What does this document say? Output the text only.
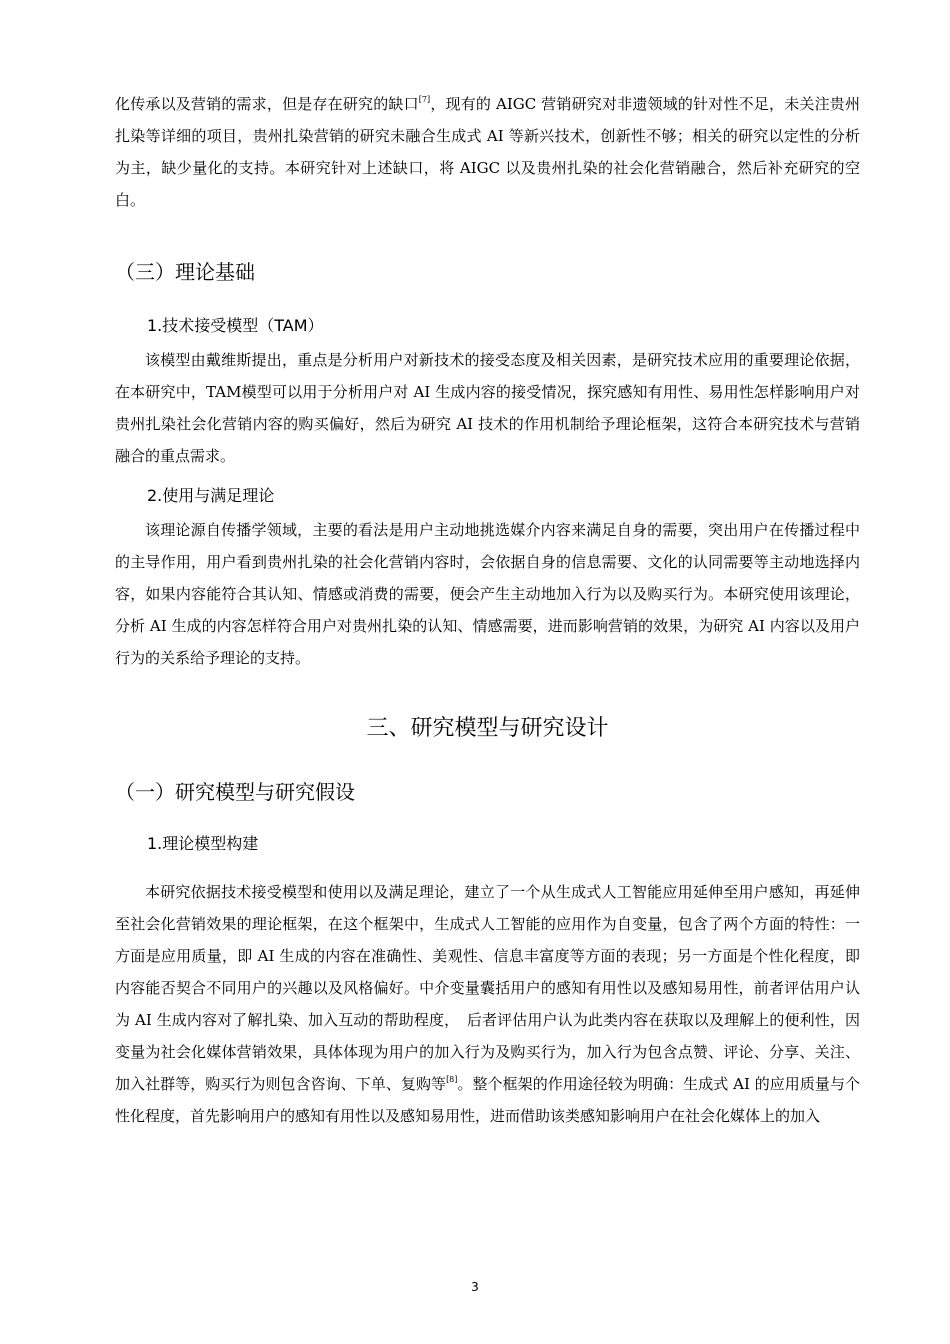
化传承以及营销的需求，但是存在研究的缺口[7]，现有的 AIGC 营销研究对非遗领域的针对性不足，未关注贵州扎染等详细的项目，贵州扎染营销的研究未融合生成式 AI 等新兴技术，创新性不够；相关的研究以定性的分析为主，缺少量化的支持。本研究针对上述缺口，将 AIGC 以及贵州扎染的社会化营销融合，然后补充研究的空白。

（三）理论基础
1.技术接受模型（TAM）

该模型由戴维斯提出，重点是分析用户对新技术的接受态度及相关因素，是研究技术应用的重要理论依据，在本研究中，TAM模型可以用于分析用户对 AI 生成内容的接受情况，探究感知有用性、易用性怎样影响用户对贵州扎染社会化营销内容的购买偏好，然后为研究 AI 技术的作用机制给予理论框架，这符合本研究技术与营销融合的重点需求。

2.使用与满足理论

该理论源自传播学领域，主要的看法是用户主动地挑选媒介内容来满足自身的需要，突出用户在传播过程中的主导作用，用户看到贵州扎染的社会化营销内容时，会依据自身的信息需要、文化的认同需要等主动地选择内容，如果内容能符合其认知、情感或消费的需要，便会产生主动地加入行为以及购买行为。本研究使用该理论，分析 AI 生成的内容怎样符合用户对贵州扎染的认知、情感需要，进而影响营销的效果，为研究 AI 内容以及用户行为的关系给予理论的支持。

三、研究模型与研究设计
（一）研究模型与研究假设
1.理论模型构建

本研究依据技术接受模型和使用以及满足理论，建立了一个从生成式人工智能应用延伸至用户感知，再延伸至社会化营销效果的理论框架，在这个框架中，生成式人工智能的应用作为自变量，包含了两个方面的特性：一方面是应用质量，即 AI 生成的内容在准确性、美观性、信息丰富度等方面的表现；另一方面是个性化程度，即内容能否契合不同用户的兴趣以及风格偏好。中介变量囊括用户的感知有用性以及感知易用性，前者评估用户认为 AI 生成内容对了解扎染、加入互动的帮助程度，　后者评估用户认为此类内容在获取以及理解上的便利性，因变量为社会化媒体营销效果，具体体现为用户的加入行为及购买行为，加入行为包含点赞、评论、分享、关注、加入社群等，购买行为则包含咨询、下单、复购等[8]。整个框架的作用途径较为明确：生成式 AI 的应用质量与个性化程度，首先影响用户的感知有用性以及感知易用性，进而借助该类感知影响用户在社会化媒体上的加入

3
